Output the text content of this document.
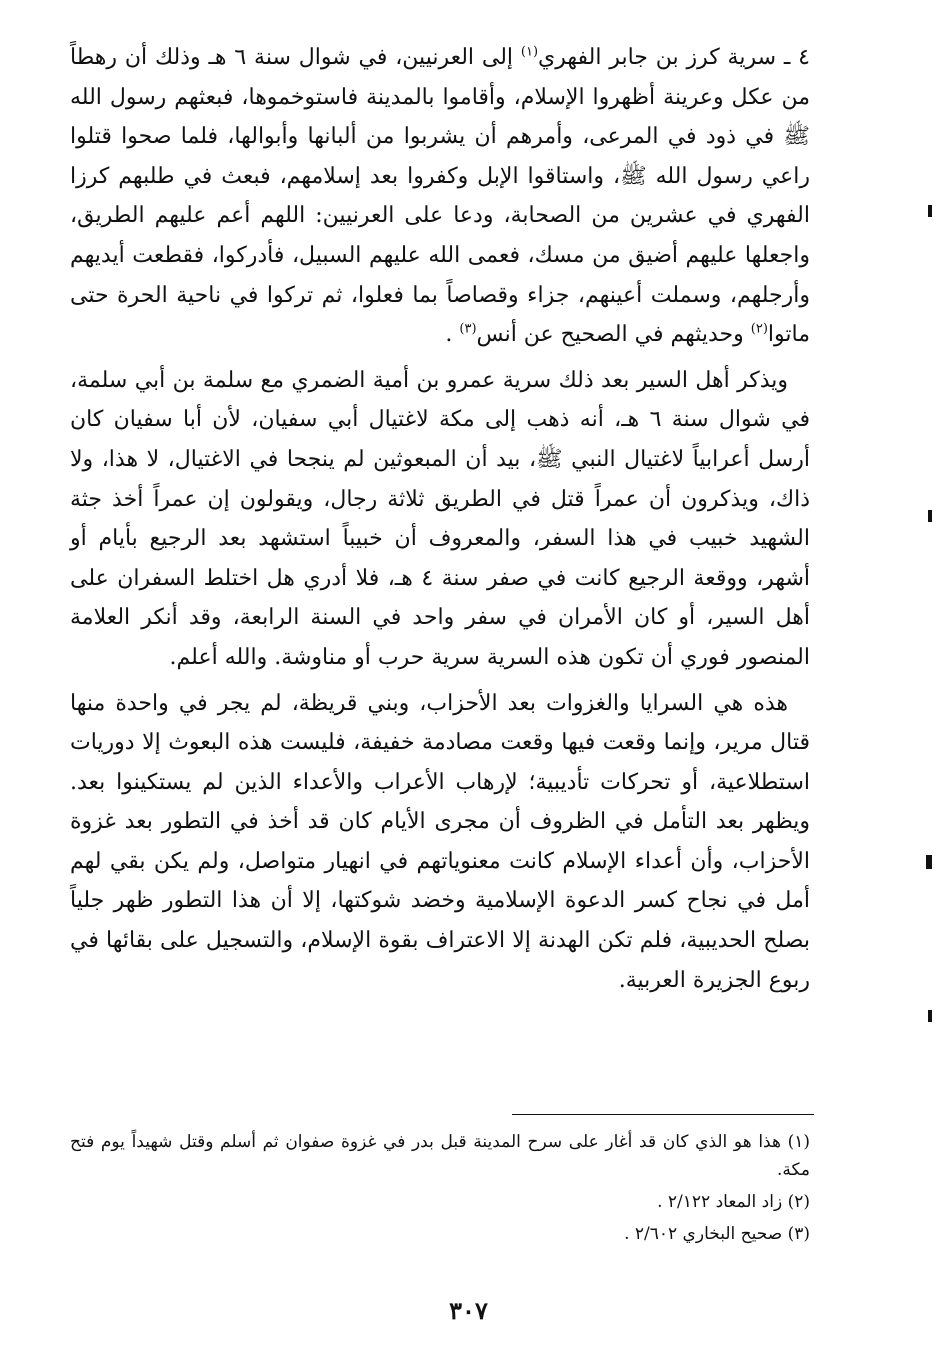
٤ ـ سرية كرز بن جابر الفهري$^{(١)}$ إلى العرنيين، في شوال سنة ٦ هـ وذلك أن رهطاً من عكل وعرينة أظهروا الإسلام، وأقاموا بالمدينة فاستوخموها، فبعثهم رسول الله ﷺ في ذود في المرعى، وأمرهم أن يشربوا من ألبانها وأبوالها، فلما صحوا قتلوا راعي رسول الله ﷺ، واستاقوا الإبل وكفروا بعد إسلامهم، فبعث في طلبهم كرزا الفهري في عشرين من الصحابة، ودعا على العرنيين: اللهم أعم عليهم الطريق، واجعلها عليهم أضيق من مسك، فعمى الله عليهم السبيل، فأدركوا، فقطعت أيديهم وأرجلهم، وسملت أعينهم، جزاء وقصاصاً بما فعلوا، ثم تركوا في ناحية الحرة حتى ماتوا$^{(٢)}$ وحديثهم في الصحيح عن أنس$^{(٣)}$ .

ويذكر أهل السير بعد ذلك سرية عمرو بن أمية الضمري مع سلمة بن أبي سلمة، في شوال سنة ٦ هـ، أنه ذهب إلى مكة لاغتيال أبي سفيان، لأن أبا سفيان كان أرسل أعرابياً لاغتيال النبي ﷺ، بيد أن المبعوثين لم ينجحا في الاغتيال، لا هذا، ولا ذاك، ويذكرون أن عمراً قتل في الطريق ثلاثة رجال، ويقولون إن عمراً أخذ جثة الشهيد خبيب في هذا السفر، والمعروف أن خبيباً استشهد بعد الرجيع بأيام أو أشهر، ووقعة الرجيع كانت في صفر سنة ٤ هـ، فلا أدري هل اختلط السفران على أهل السير، أو كان الأمران في سفر واحد في السنة الرابعة، وقد أنكر العلامة المنصور فوري أن تكون هذه السرية سرية حرب أو مناوشة. والله أعلم.

هذه هي السرايا والغزوات بعد الأحزاب، وبني قريظة، لم يجر في واحدة منها قتال مرير، وإنما وقعت فيها وقعت مصادمة خفيفة، فليست هذه البعوث إلا دوريات استطلاعية، أو تحركات تأديبية؛ لإرهاب الأعراب والأعداء الذين لم يستكينوا بعد. ويظهر بعد التأمل في الظروف أن مجرى الأيام كان قد أخذ في التطور بعد غزوة الأحزاب، وأن أعداء الإسلام كانت معنوياتهم في انهيار متواصل، ولم يكن بقي لهم أمل في نجاح كسر الدعوة الإسلامية وخضد شوكتها، إلا أن هذا التطور ظهر جلياً بصلح الحديبية، فلم تكن الهدنة إلا الاعتراف بقوة الإسلام، والتسجيل على بقائها في ربوع الجزيرة العربية.

(١) هذا هو الذي كان قد أغار على سرح المدينة قبل بدر في غزوة صفوان ثم أسلم وقتل شهيداً يوم فتح مكة.

(٢) زاد المعاد ٢/١٢٢ .

(٣) صحيح البخاري ٢/٦٠٢ .

٣٠٧
